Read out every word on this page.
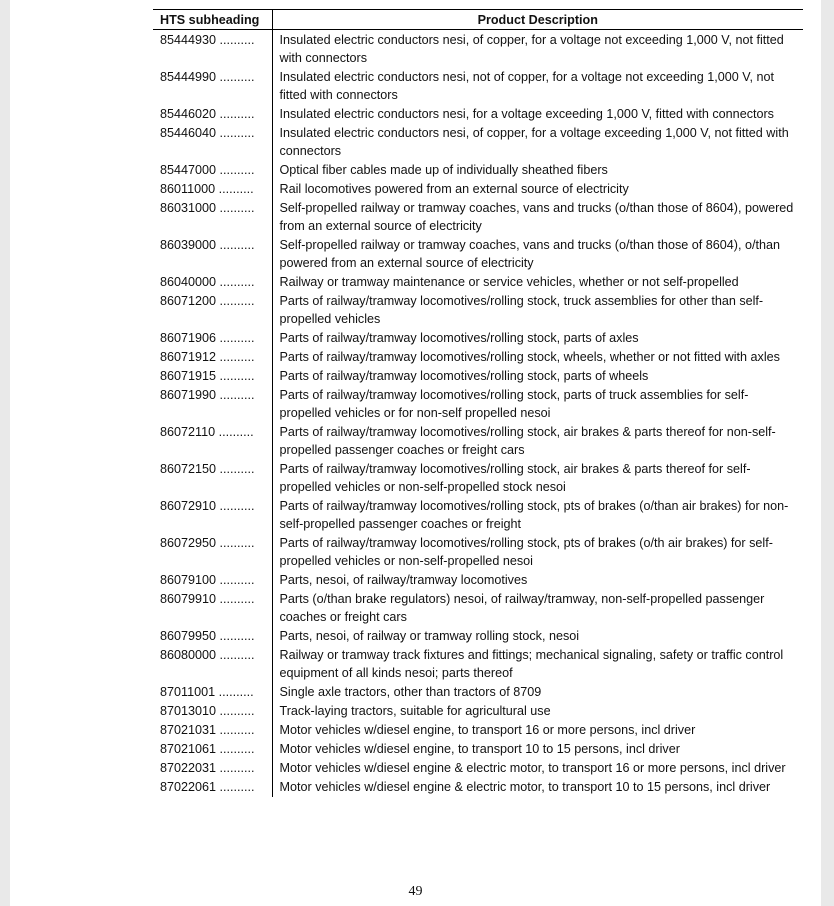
HTS subheading	Product Description
85444930 ..........	Insulated electric conductors nesi, of copper, for a voltage not exceeding 1,000 V, not fitted with connectors
85444990 ..........	Insulated electric conductors nesi, not of copper, for a voltage not exceeding 1,000 V, not fitted with connectors
85446020 ..........	Insulated electric conductors nesi, for a voltage exceeding 1,000 V, fitted with connectors
85446040 ..........	Insulated electric conductors nesi, of copper, for a voltage exceeding 1,000 V, not fitted with connectors
85447000 ..........	Optical fiber cables made up of individually sheathed fibers
86011000 ..........	Rail locomotives powered from an external source of electricity
86031000 ..........	Self-propelled railway or tramway coaches, vans and trucks (o/than those of 8604), powered from an external source of electricity
86039000 ..........	Self-propelled railway or tramway coaches, vans and trucks (o/than those of 8604), o/than powered from an external source of electricity
86040000 ..........	Railway or tramway maintenance or service vehicles, whether or not self-propelled
86071200 ..........	Parts of railway/tramway locomotives/rolling stock, truck assemblies for other than self-propelled vehicles
86071906 ..........	Parts of railway/tramway locomotives/rolling stock, parts of axles
86071912 ..........	Parts of railway/tramway locomotives/rolling stock, wheels, whether or not fitted with axles
86071915 ..........	Parts of railway/tramway locomotives/rolling stock, parts of wheels
86071990 ..........	Parts of railway/tramway locomotives/rolling stock, parts of truck assemblies for self-propelled vehicles or for non-self propelled nesoi
86072110 ..........	Parts of railway/tramway locomotives/rolling stock, air brakes & parts thereof for non-self-propelled passenger coaches or freight cars
86072150 ..........	Parts of railway/tramway locomotives/rolling stock, air brakes & parts thereof for self-propelled vehicles or non-self-propelled stock nesoi
86072910 ..........	Parts of railway/tramway locomotives/rolling stock, pts of brakes (o/than air brakes) for non-self-propelled passenger coaches or freight
86072950 ..........	Parts of railway/tramway locomotives/rolling stock, pts of brakes (o/th air brakes) for self-propelled vehicles or non-self-propelled nesoi
86079100 ..........	Parts, nesoi, of railway/tramway locomotives
86079910 ..........	Parts (o/than brake regulators) nesoi, of railway/tramway, non-self-propelled passenger coaches or freight cars
86079950 ..........	Parts, nesoi, of railway or tramway rolling stock, nesoi
86080000 ..........	Railway or tramway track fixtures and fittings; mechanical signaling, safety or traffic control equipment of all kinds nesoi; parts thereof
87011001 ..........	Single axle tractors, other than tractors of 8709
87013010 ..........	Track-laying tractors, suitable for agricultural use
87021031 ..........	Motor vehicles w/diesel engine, to transport 16 or more persons, incl driver
87021061 ..........	Motor vehicles w/diesel engine, to transport 10 to 15 persons, incl driver
87022031 ..........	Motor vehicles w/diesel engine & electric motor, to transport 16 or more persons, incl driver
87022061 ..........	Motor vehicles w/diesel engine & electric motor, to transport 10 to 15 persons, incl driver
49
